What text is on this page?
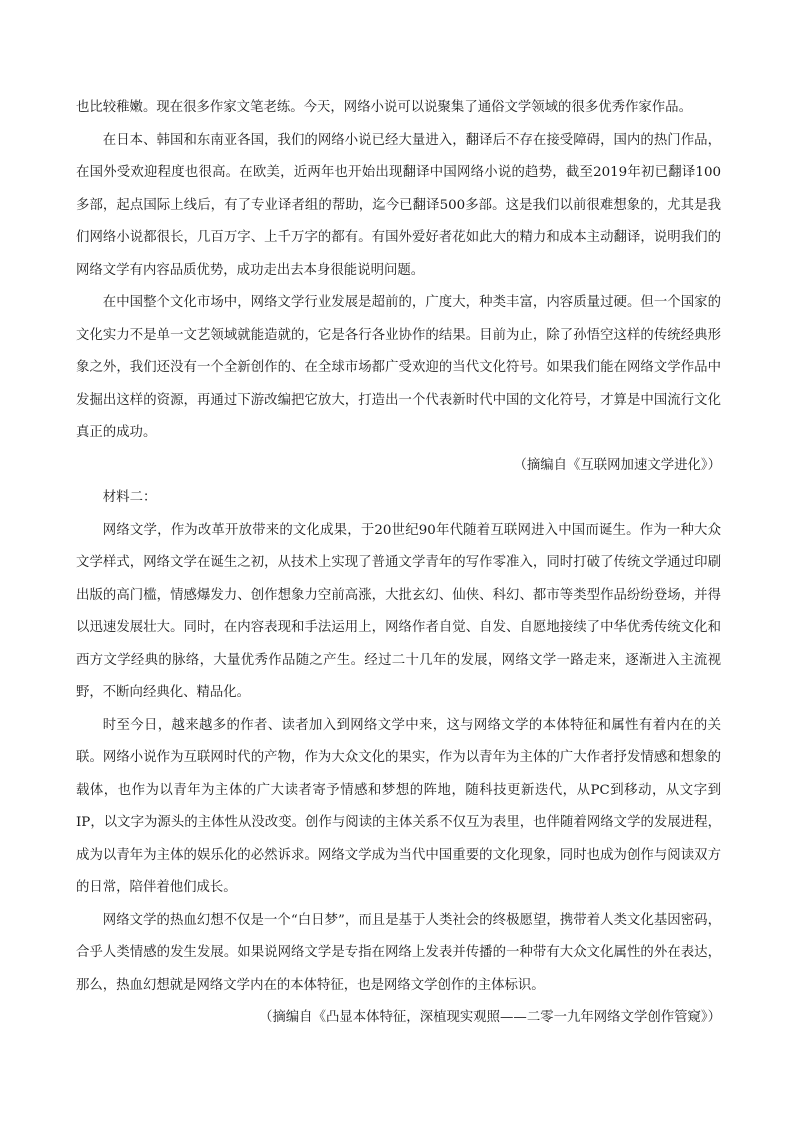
也比较稚嫩。现在很多作家文笔老练。今天，网络小说可以说聚集了通俗文学领域的很多优秀作家作品。

在日本、韩国和东南亚各国，我们的网络小说已经大量进入，翻译后不存在接受障碍，国内的热门作品，在国外受欢迎程度也很高。在欧美，近两年也开始出现翻译中国网络小说的趋势，截至2019年初已翻译100多部，起点国际上线后，有了专业译者组的帮助，迄今已翻译500多部。这是我们以前很难想象的，尤其是我们网络小说都很长，几百万字、上千万字的都有。有国外爱好者花如此大的精力和成本主动翻译，说明我们的网络文学有内容品质优势，成功走出去本身很能说明问题。

在中国整个文化市场中，网络文学行业发展是超前的，广度大，种类丰富，内容质量过硬。但一个国家的文化实力不是单一文艺领域就能造就的，它是各行各业协作的结果。目前为止，除了孙悟空这样的传统经典形象之外，我们还没有一个全新创作的、在全球市场都广受欢迎的当代文化符号。如果我们能在网络文学作品中发掘出这样的资源，再通过下游改编把它放大，打造出一个代表新时代中国的文化符号，才算是中国流行文化真正的成功。

（摘编自《互联网加速文学进化》）

材料二：

网络文学，作为改革开放带来的文化成果，于20世纪90年代随着互联网进入中国而诞生。作为一种大众文学样式，网络文学在诞生之初，从技术上实现了普通文学青年的写作零准入，同时打破了传统文学通过印刷出版的高门槛，情感爆发力、创作想象力空前高涨，大批玄幻、仙侠、科幻、都市等类型作品纷纷登场，并得以迅速发展壮大。同时，在内容表现和手法运用上，网络作者自觉、自发、自愿地接续了中华优秀传统文化和西方文学经典的脉络，大量优秀作品随之产生。经过二十几年的发展，网络文学一路走来，逐渐进入主流视野，不断向经典化、精品化。

时至今日，越来越多的作者、读者加入到网络文学中来，这与网络文学的本体特征和属性有着内在的关联。网络小说作为互联网时代的产物，作为大众文化的果实，作为以青年为主体的广大作者抒发情感和想象的载体，也作为以青年为主体的广大读者寄予情感和梦想的阵地，随科技更新迭代，从PC到移动，从文字到IP，以文字为源头的主体性从没改变。创作与阅读的主体关系不仅互为表里，也伴随着网络文学的发展进程，成为以青年为主体的娱乐化的必然诉求。网络文学成为当代中国重要的文化现象，同时也成为创作与阅读双方的日常，陪伴着他们成长。

网络文学的热血幻想不仅是一个“白日梦”，而且是基于人类社会的终极愿望，携带着人类文化基因密码，合乎人类情感的发生发展。如果说网络文学是专指在网络上发表并传播的一种带有大众文化属性的外在表达，那么，热血幻想就是网络文学内在的本体特征，也是网络文学创作的主体标识。

（摘编自《凸显本体特征，深植现实观照——二零一九年网络文学创作管窥》）
